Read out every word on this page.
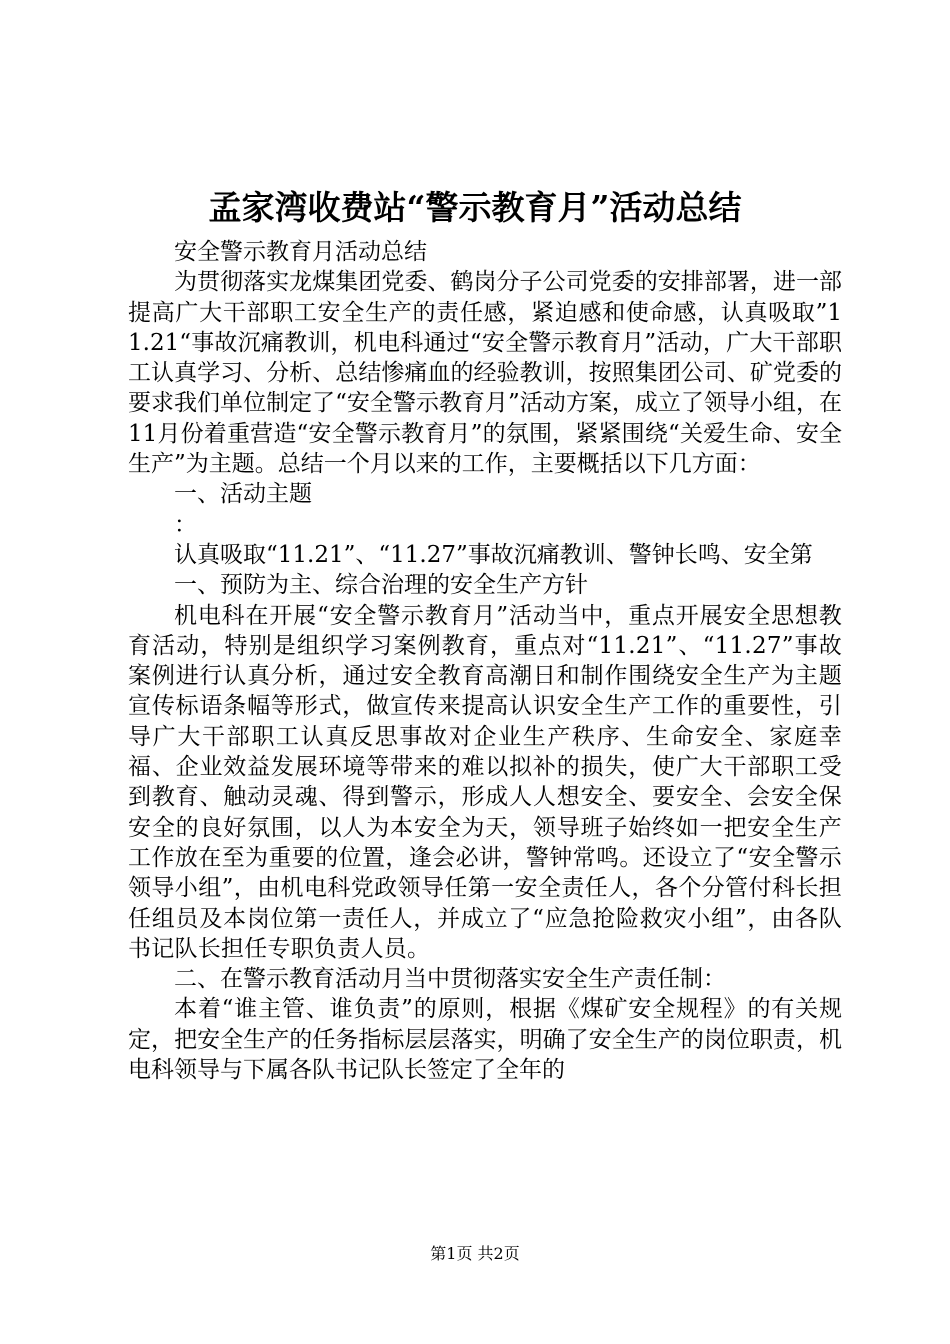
孟家湾收费站“警示教育月”活动总结

安全警示教育月活动总结

为贯彻落实龙煤集团党委、鹤岗分子公司党委的安排部署，进一部提高广大干部职工安全生产的责任感，紧迫感和使命感，认真吸取”11.21“事故沉痛教训，机电科通过“安全警示教育月”活动，广大干部职工认真学习、分析、总结惨痛血的经验教训，按照集团公司、矿党委的要求我们单位制定了“安全警示教育月”活动方案，成立了领导小组，在11月份着重营造“安全警示教育月”的氛围，紧紧围绕“关爱生命、安全生产”为主题。总结一个月以来的工作，主要概括以下几方面：

一、活动主题

：

认真吸取“11.21”、“11.27”事故沉痛教训、警钟长鸣、安全第

一、预防为主、综合治理的安全生产方针

机电科在开展“安全警示教育月”活动当中，重点开展安全思想教育活动，特别是组织学习案例教育，重点对“11.21”、“11.27”事故案例进行认真分析，通过安全教育高潮日和制作围绕安全生产为主题宣传标语条幅等形式，做宣传来提高认识安全生产工作的重要性，引导广大干部职工认真反思事故对企业生产秩序、生命安全、家庭幸福、企业效益发展环境等带来的难以拟补的损失，使广大干部职工受到教育、触动灵魂、得到警示，形成人人想安全、要安全、会安全保安全的良好氛围，以人为本安全为天，领导班子始终如一把安全生产工作放在至为重要的位置，逢会必讲，警钟常鸣。还设立了“安全警示领导小组”，由机电科党政领导任第一安全责任人，各个分管付科长担任组员及本岗位第一责任人，并成立了“应急抢险救灾小组”，由各队书记队长担任专职负责人员。

二、在警示教育活动月当中贯彻落实安全生产责任制：

本着“谁主管、谁负责”的原则，根据《煤矿安全规程》的有关规定，把安全生产的任务指标层层落实，明确了安全生产的岗位职责，机电科领导与下属各队书记队长签定了全年的

第1页 共2页
